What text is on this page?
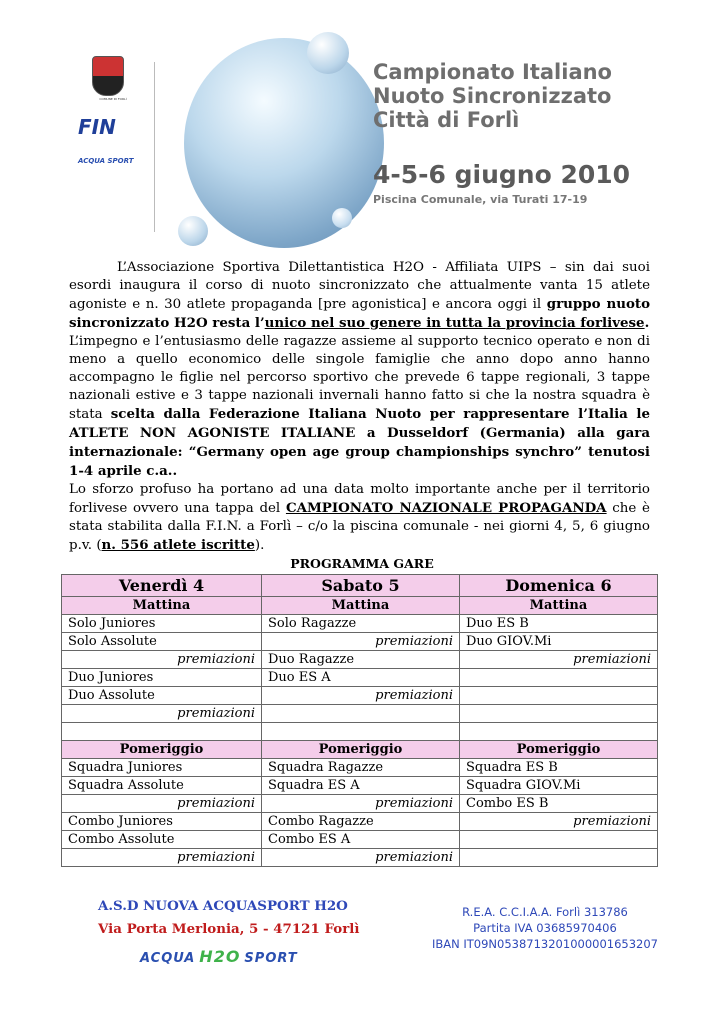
COMUNE DI FORLÌ
FIN
ACQUA SPORT
Campionato Italiano
Nuoto Sincronizzato
Città di Forlì
4-5-6 giugno 2010
Piscina Comunale, via Turati 17-19

L’Associazione Sportiva Dilettantistica H2O - Affiliata UIPS – sin dai suoi esordi inaugura il corso di nuoto sincronizzato che attualmente vanta 15 atlete agoniste e n. 30 atlete propaganda [pre agonistica] e ancora oggi il gruppo nuoto sincronizzato H2O resta l’unico nel suo genere in tutta la provincia forlivese.

L’impegno e l’entusiasmo delle ragazze assieme al supporto tecnico operato e non di meno a quello economico delle singole famiglie che anno dopo anno hanno accompagno le figlie nel percorso sportivo che prevede 6 tappe regionali, 3 tappe nazionali estive e 3 tappe nazionali invernali hanno fatto si che la nostra squadra è stata scelta dalla Federazione Italiana Nuoto per rappresentare l’Italia le ATLETE NON AGONISTE ITALIANE a Dusseldorf (Germania) alla gara internazionale: “Germany open age group championships synchro” tenutosi 1-4 aprile c.a..

Lo sforzo profuso ha portano ad una data molto importante anche per il territorio forlivese ovvero una tappa del CAMPIONATO NAZIONALE PROPAGANDA che è stata stabilita dalla F.I.N. a Forlì – c/o la piscina comunale - nei giorni 4, 5, 6 giugno p.v. (n. 556 atlete iscritte).

PROGRAMMA GARE
Venerdì 4	Sabato 5	Domenica 6
Mattina	Mattina	Mattina
Solo Juniores	Solo Ragazze	Duo ES B
Solo Assolute	premiazioni	Duo GIOV.Mi
premiazioni	Duo Ragazze	premiazioni
Duo Juniores	Duo ES A	
Duo Assolute	premiazioni	
premiazioni		

Pomeriggio	Pomeriggio	Pomeriggio
Squadra Juniores	Squadra Ragazze	Squadra ES B
Squadra Assolute	Squadra ES A	Squadra GIOV.Mi
premiazioni	premiazioni	Combo ES B
Combo Juniores	Combo Ragazze	premiazioni
Combo Assolute	Combo ES A	
premiazioni	premiazioni	
A.S.D NUOVA ACQUASPORT H2O
Via Porta Merlonia, 5 - 47121 Forlì
ACQUA H2O SPORT
R.E.A. C.C.I.A.A. Forlì 313786
Partita IVA 03685970406
IBAN IT09N0538713201000001653207
